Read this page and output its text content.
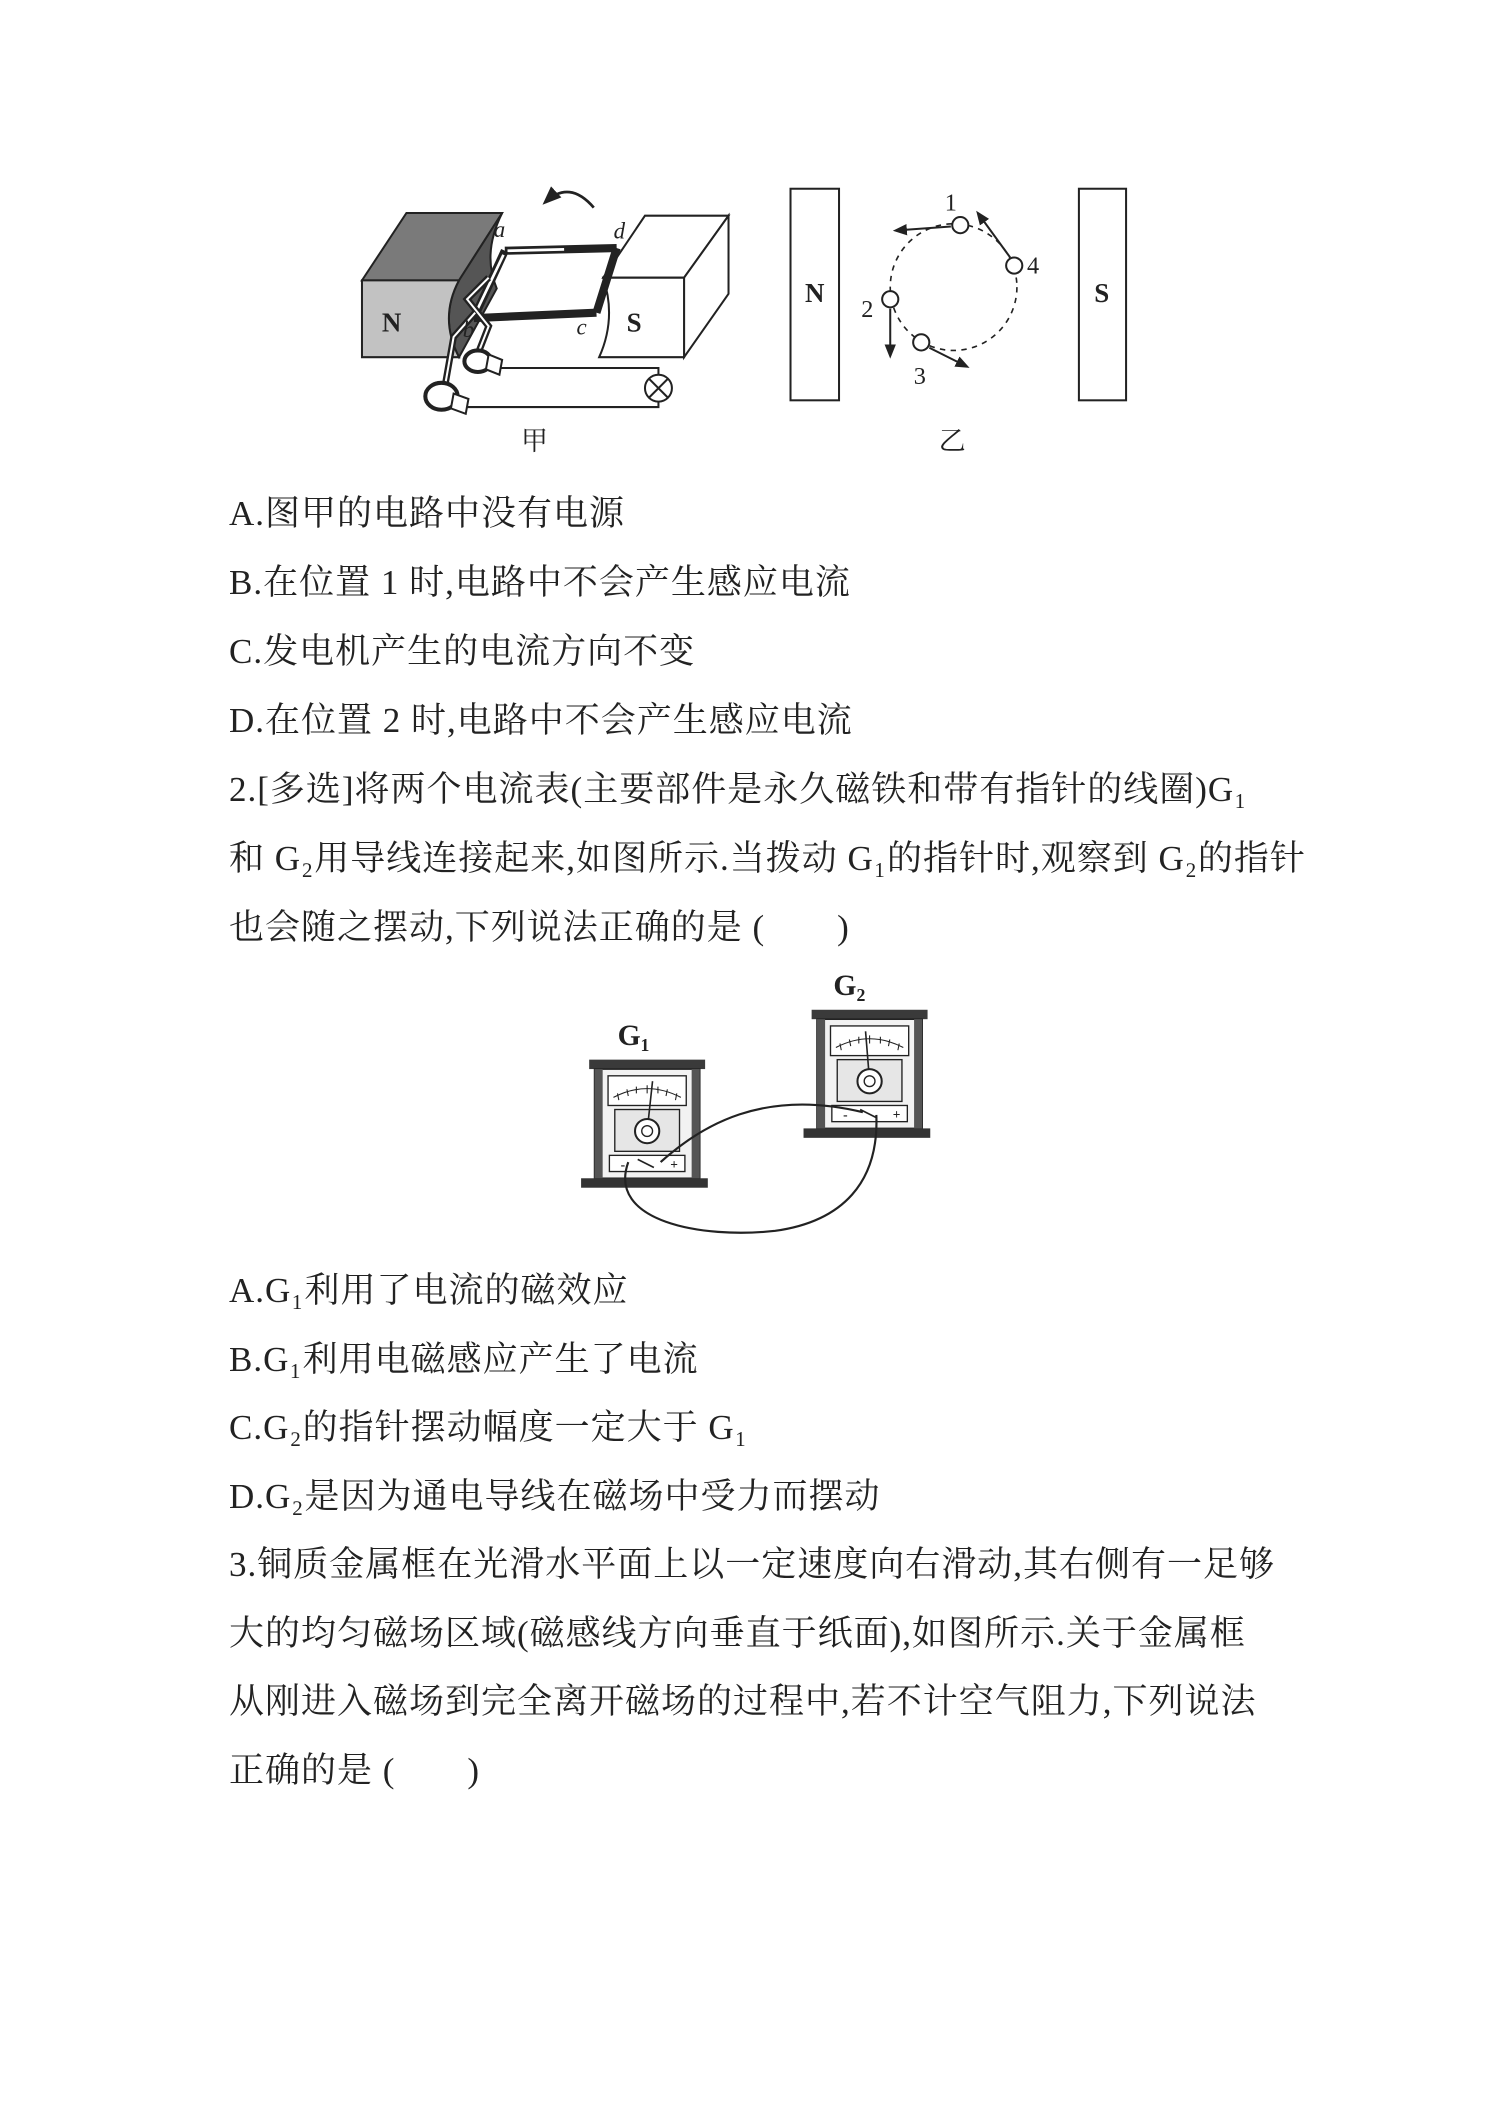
N	S
a	d
b	c
甲
N	S
1
2
3
4
乙
A.图甲的电路中没有电源
B.在位置 1 时,电路中不会产生感应电流
C.发电机产生的电流方向不变
D.在位置 2 时,电路中不会产生感应电流
2.[多选]将两个电流表(主要部件是永久磁铁和带有指针的线圈)G₁
和 G₂用导线连接起来,如图所示.当拨动 G₁的指针时,观察到 G₂的指针
也会随之摆动,下列说法正确的是 (　　)
G₁
-	+
G₂
-	+
A.G₁利用了电流的磁效应
B.G₁利用电磁感应产生了电流
C.G₂的指针摆动幅度一定大于 G₁
D.G₂是因为通电导线在磁场中受力而摆动
3.铜质金属框在光滑水平面上以一定速度向右滑动,其右侧有一足够
大的均匀磁场区域(磁感线方向垂直于纸面),如图所示.关于金属框
从刚进入磁场到完全离开磁场的过程中,若不计空气阻力,下列说法
正确的是 (　　)
